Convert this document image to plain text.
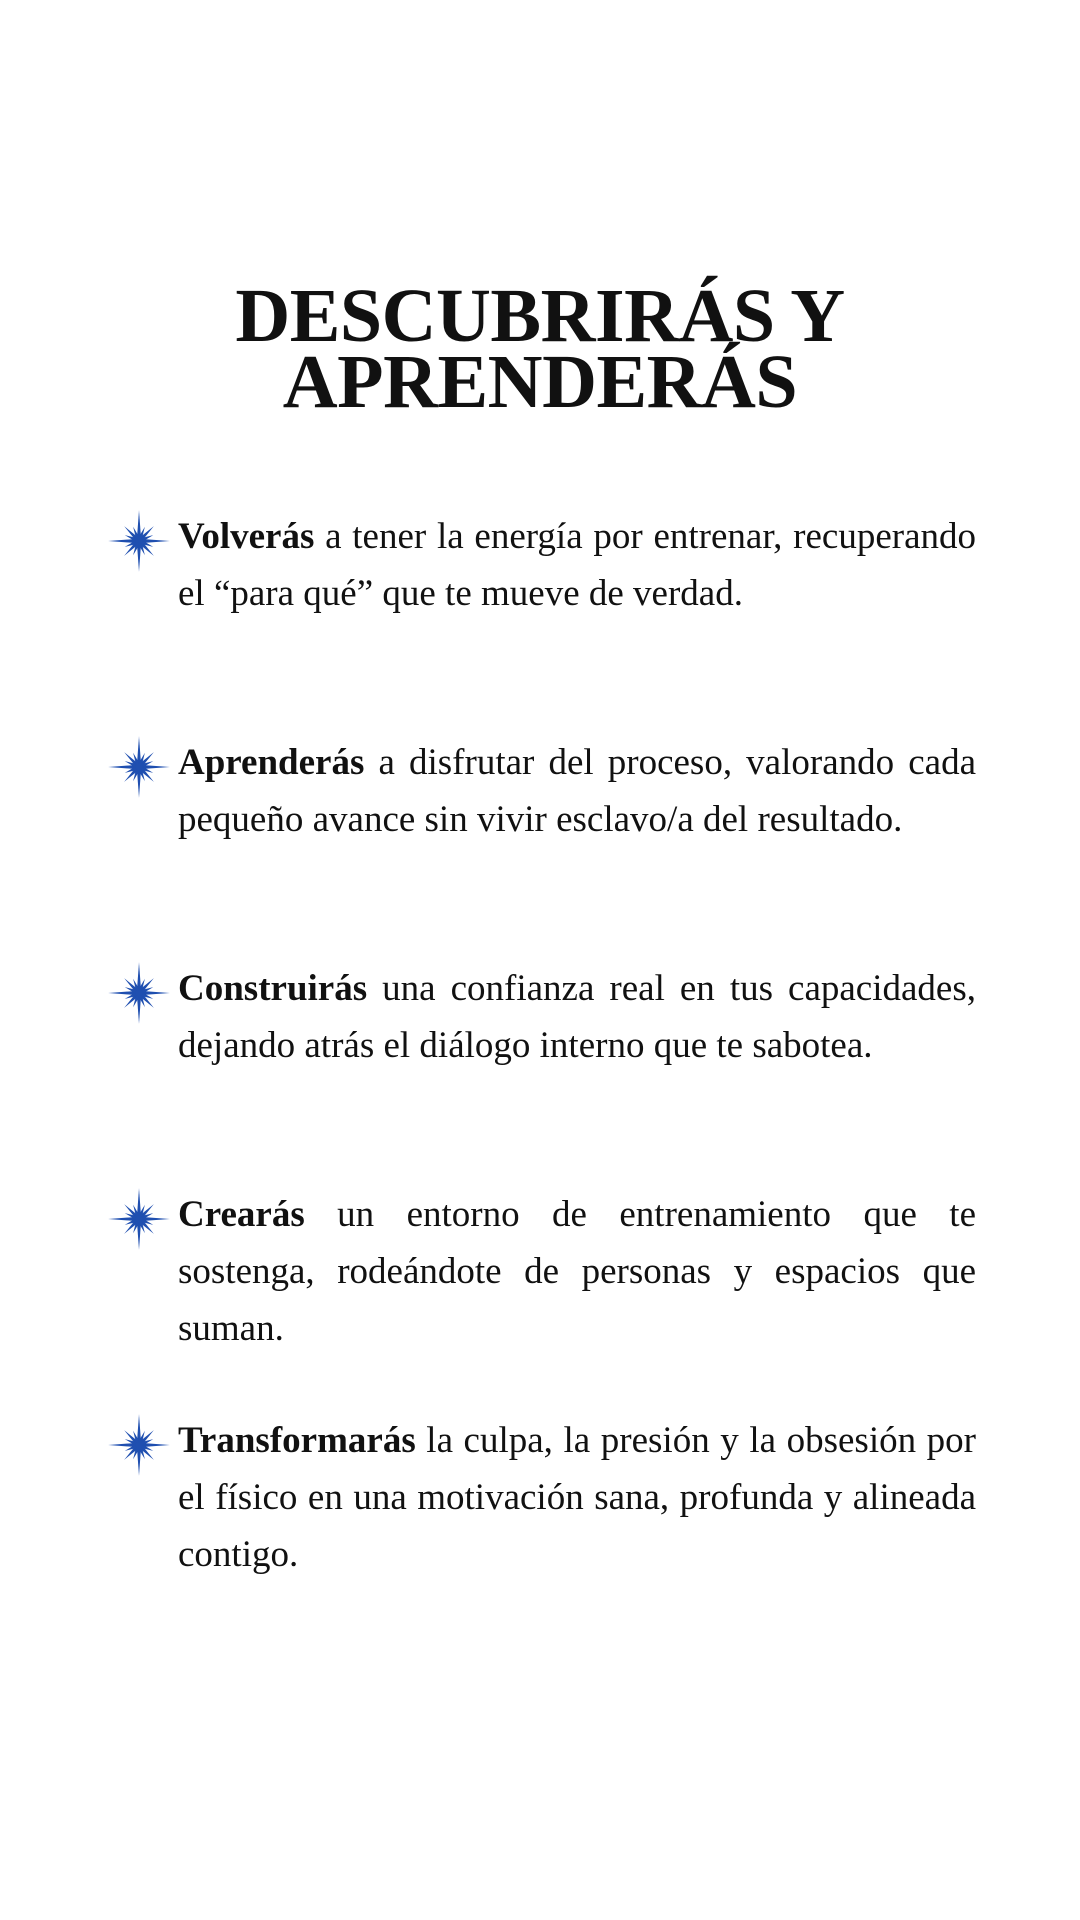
DESCUBRIRÁS Y
APRENDERÁS

Volverás a tener la energía por entrenar, recuperando el “para qué” que te mueve de verdad.

Aprenderás a disfrutar del proceso, valorando cada pequeño avance sin vivir esclavo/a del resultado.

Construirás una confianza real en tus capacidades, dejando atrás el diálogo interno que te sabotea.

Crearás un entorno de entrenamiento que te sostenga, rodeándote de personas y espacios que suman.

Transformarás la culpa, la presión y la obsesión por el físico en una motivación sana, profunda y alineada contigo.
